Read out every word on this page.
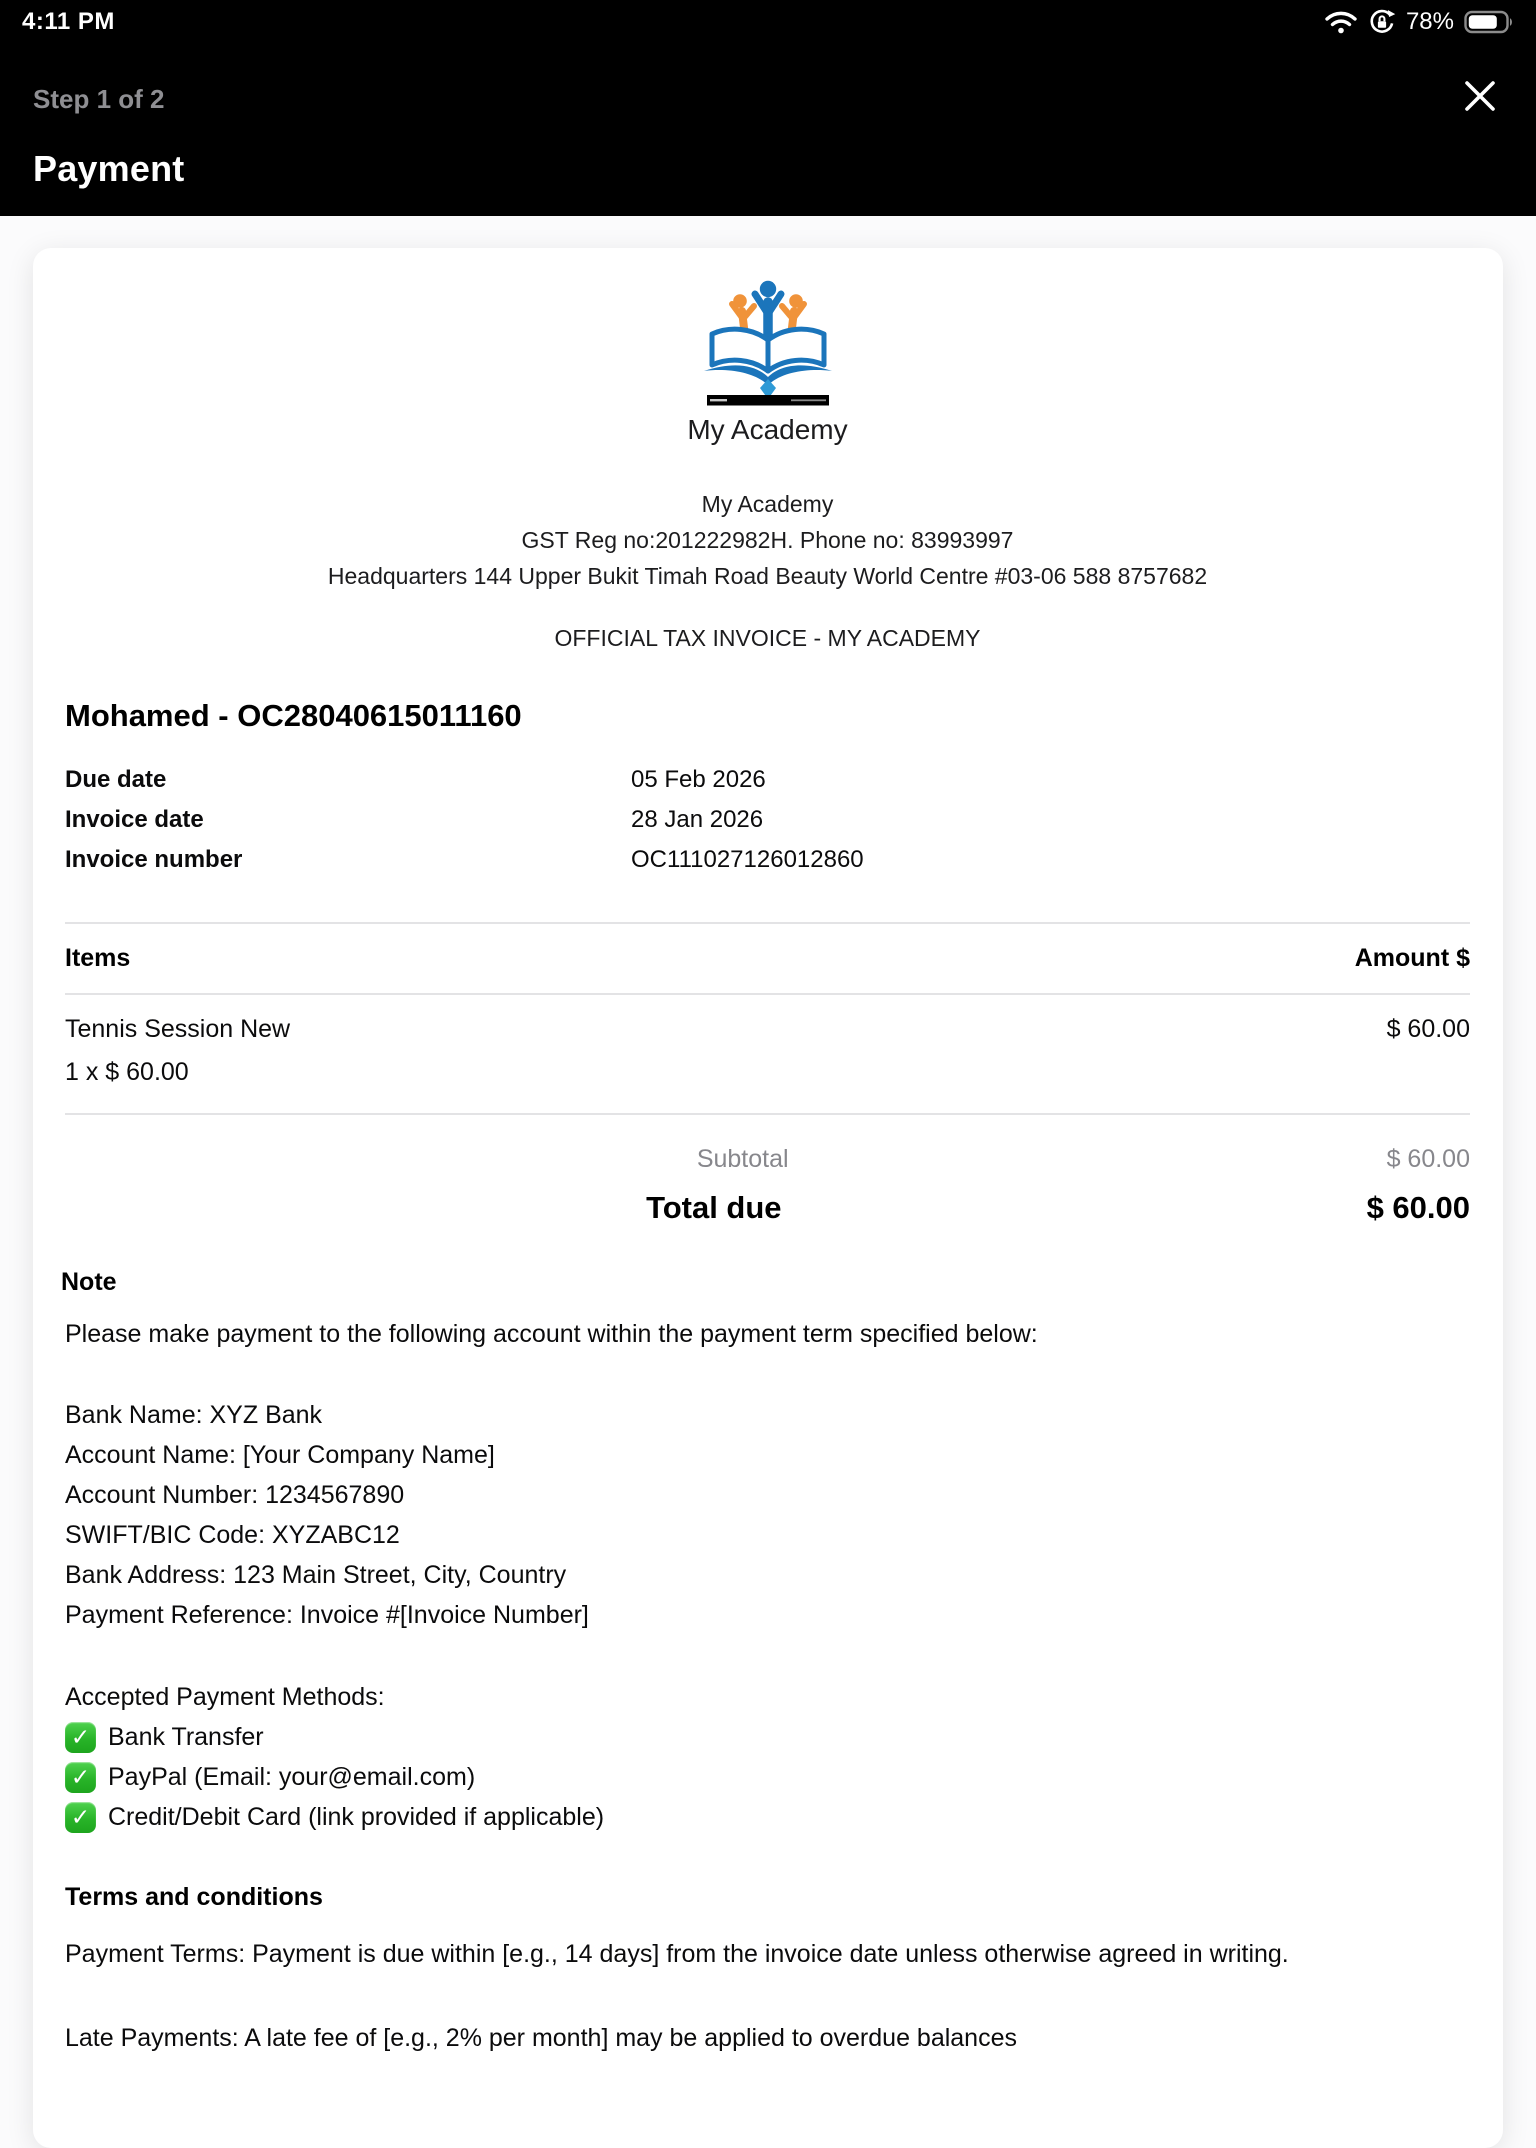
4:11 PM	78%
Step 1 of 2
Payment
My Academy
My Academy
GST Reg no:201222982H. Phone no: 83993997
Headquarters 144 Upper Bukit Timah Road Beauty World Centre #03-06 588 8757682
OFFICIAL TAX INVOICE - MY ACADEMY
Mohamed - OC28040615011160
Due date	05 Feb 2026
Invoice date	28 Jan 2026
Invoice number	OC111027126012860
Items	Amount $
Tennis Session New	$ 60.00
1 x $ 60.00
Subtotal	$ 60.00
Total due	$ 60.00
Note
Please make payment to the following account within the payment term specified below:
Bank Name: XYZ Bank
Account Name: [Your Company Name]
Account Number: 1234567890
SWIFT/BIC Code: XYZABC12
Bank Address: 123 Main Street, City, Country
Payment Reference: Invoice #[Invoice Number]
Accepted Payment Methods:
✓ Bank Transfer
✓ PayPal (Email: your@email.com)
✓ Credit/Debit Card (link provided if applicable)
Terms and conditions
Payment Terms: Payment is due within [e.g., 14 days] from the invoice date unless otherwise agreed in writing.
Late Payments: A late fee of [e.g., 2% per month] may be applied to overdue balances
